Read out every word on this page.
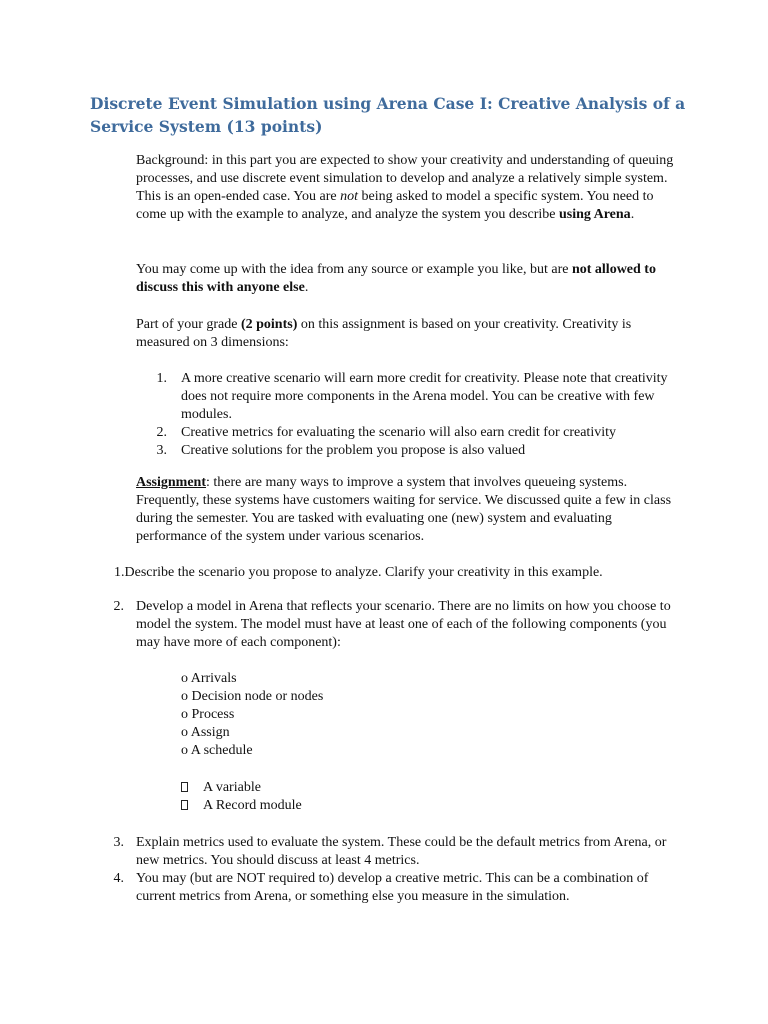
Discrete Event Simulation using Arena Case I: Creative Analysis of a Service System (13 points)

Background: in this part you are expected to show your creativity and understanding of queuing processes, and use discrete event simulation to develop and analyze a relatively simple system. This is an open-ended case. You are not being asked to model a specific system. You need to come up with the example to analyze, and analyze the system you describe using Arena.

You may come up with the idea from any source or example you like, but are not allowed to discuss this with anyone else.

Part of your grade (2 points) on this assignment is based on your creativity. Creativity is measured on 3 dimensions:

1. A more creative scenario will earn more credit for creativity. Please note that creativity does not require more components in the Arena model. You can be creative with few modules.
2. Creative metrics for evaluating the scenario will also earn credit for creativity
3. Creative solutions for the problem you propose is also valued

Assignment: there are many ways to improve a system that involves queueing systems. Frequently, these systems have customers waiting for service. We discussed quite a few in class during the semester. You are tasked with evaluating one (new) system and evaluating performance of the system under various scenarios.

1.Describe the scenario you propose to analyze. Clarify your creativity in this example.

2. Develop a model in Arena that reflects your scenario. There are no limits on how you choose to model the system. The model must have at least one of each of the following components (you may have more of each component):
o Arrivals
o Decision node or nodes
o Process
o Assign
o A schedule
A variable
A Record module
3. Explain metrics used to evaluate the system. These could be the default metrics from Arena, or new metrics. You should discuss at least 4 metrics.
4. You may (but are NOT required to) develop a creative metric. This can be a combination of current metrics from Arena, or something else you measure in the simulation.
